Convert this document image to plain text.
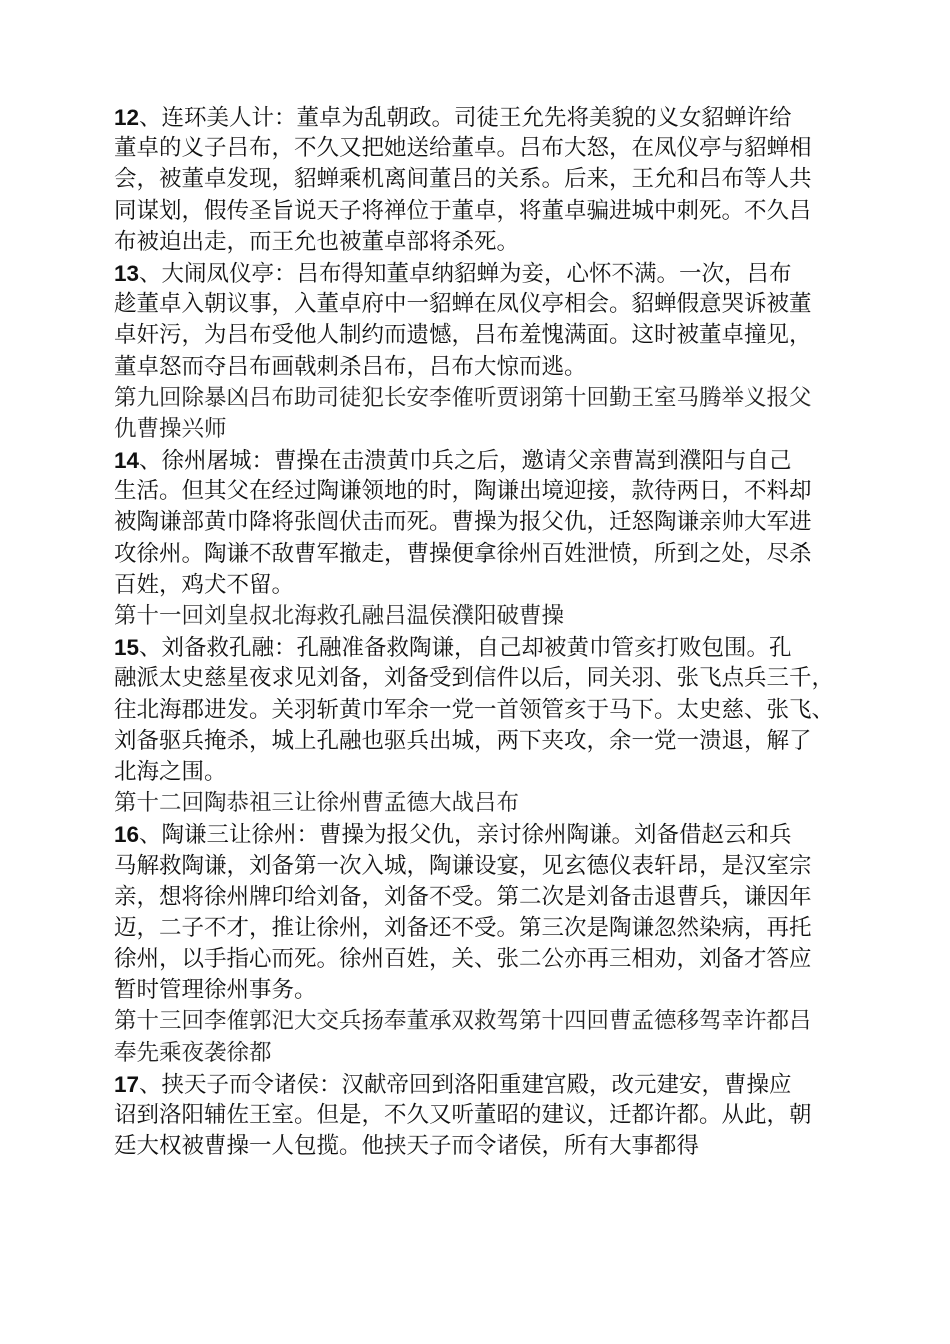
12、连环美人计：董卓为乱朝政。司徒王允先将美貌的义女貂蝉许给
董卓的义子吕布，不久又把她送给董卓。吕布大怒，在凤仪亭与貂蝉相
会，被董卓发现，貂蝉乘机离间董吕的关系。后来，王允和吕布等人共
同谋划，假传圣旨说天子将禅位于董卓，将董卓骗进城中刺死。不久吕
布被迫出走，而王允也被董卓部将杀死。
13、大闹凤仪亭：吕布得知董卓纳貂蝉为妾，心怀不满。一次，吕布
趁董卓入朝议事，入董卓府中一貂蝉在凤仪亭相会。貂蝉假意哭诉被董
卓奸污，为吕布受他人制约而遗憾，吕布羞愧满面。这时被董卓撞见，
董卓怒而夺吕布画戟刺杀吕布，吕布大惊而逃。
第九回除暴凶吕布助司徒犯长安李傕听贾诩第十回勤王室马腾举义报父
仇曹操兴师
14、徐州屠城：曹操在击溃黄巾兵之后，邀请父亲曹嵩到濮阳与自己
生活。但其父在经过陶谦领地的时，陶谦出境迎接，款待两日，不料却
被陶谦部黄巾降将张闿伏击而死。曹操为报父仇，迁怒陶谦亲帅大军进
攻徐州。陶谦不敌曹军撤走，曹操便拿徐州百姓泄愤，所到之处，尽杀
百姓，鸡犬不留。
第十一回刘皇叔北海救孔融吕温侯濮阳破曹操
15、刘备救孔融：孔融准备救陶谦，自己却被黄巾管亥打败包围。孔
融派太史慈星夜求见刘备，刘备受到信件以后，同关羽、张飞点兵三千，
往北海郡进发。关羽斩黄巾军余一党一首领管亥于马下。太史慈、张飞、
刘备驱兵掩杀，城上孔融也驱兵出城，两下夹攻，余一党一溃退，解了
北海之围。
第十二回陶恭祖三让徐州曹孟德大战吕布
16、陶谦三让徐州：曹操为报父仇，亲讨徐州陶谦。刘备借赵云和兵
马解救陶谦，刘备第一次入城，陶谦设宴，见玄德仪表轩昂，是汉室宗
亲，想将徐州牌印给刘备，刘备不受。第二次是刘备击退曹兵，谦因年
迈，二子不才，推让徐州，刘备还不受。第三次是陶谦忽然染病，再托
徐州，以手指心而死。徐州百姓，关、张二公亦再三相劝，刘备才答应
暂时管理徐州事务。
第十三回李傕郭汜大交兵扬奉董承双救驾第十四回曹孟德移驾幸许都吕
奉先乘夜袭徐都
17、挟天子而令诸侯：汉献帝回到洛阳重建宫殿，改元建安，曹操应
诏到洛阳辅佐王室。但是，不久又听董昭的建议，迁都许都。从此，朝
廷大权被曹操一人包揽。他挟天子而令诸侯，所有大事都得
